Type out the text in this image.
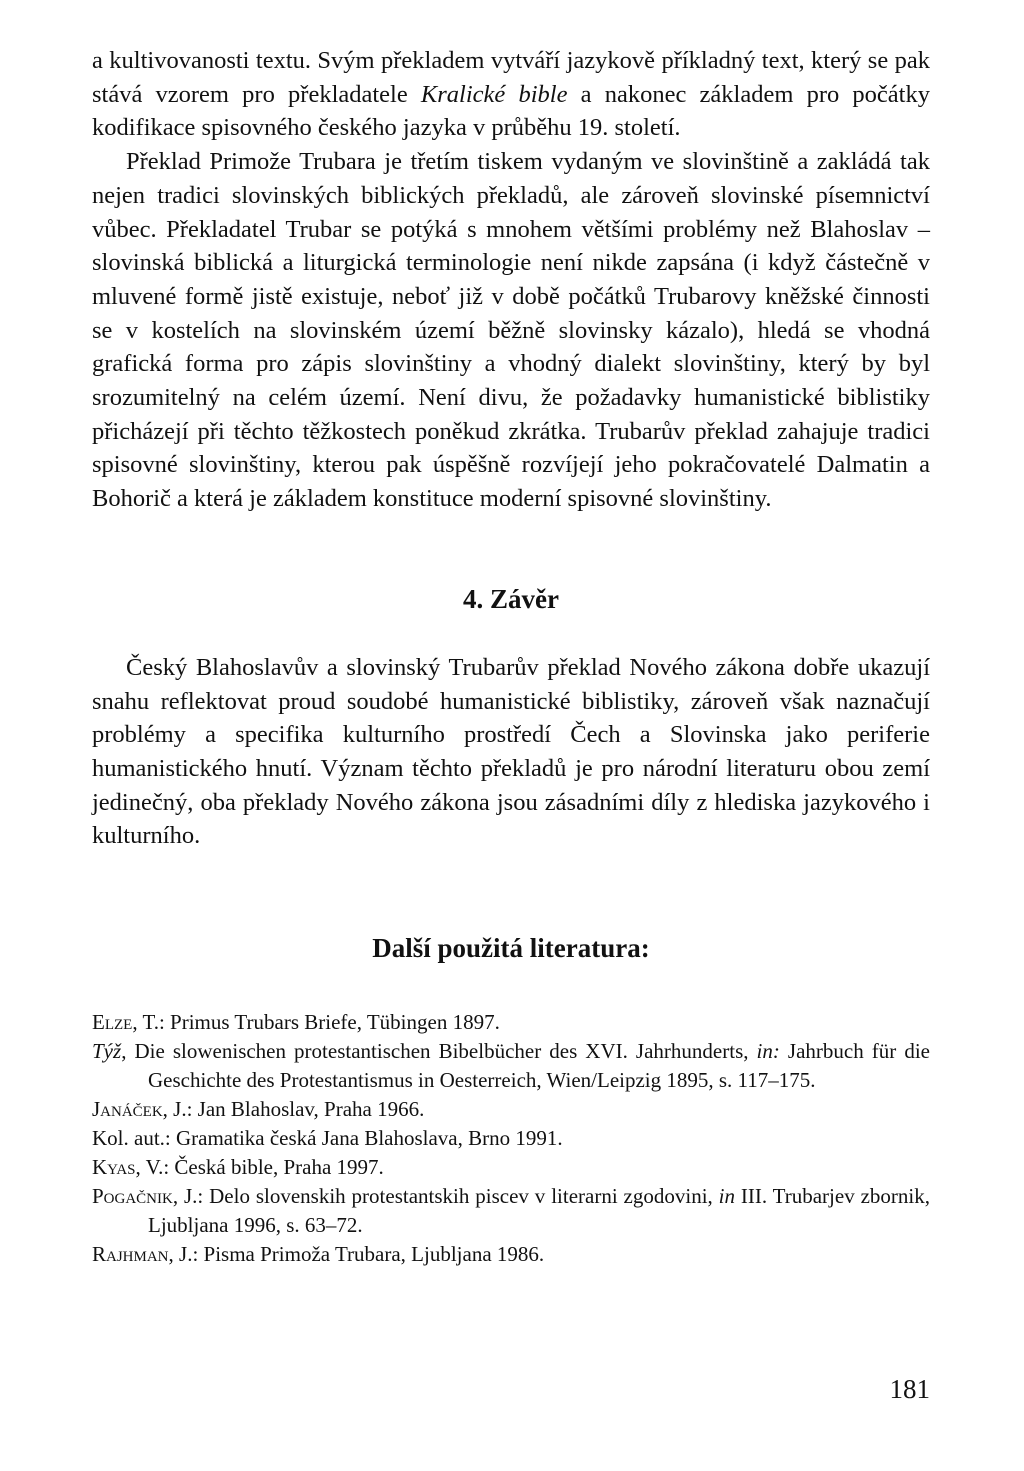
a kultivovanosti textu. Svým překladem vytváří jazykově příkladný text, který se pak stává vzorem pro překladatele Kralické bible a nakonec základem pro počátky kodifikace spisovného českého jazyka v průběhu 19. století.

Překlad Primože Trubara je třetím tiskem vydaným ve slovinštině a zakládá tak nejen tradici slovinských biblických překladů, ale zároveň slovinské písemnictví vůbec. Překladatel Trubar se potýká s mnohem většími problémy než Blahoslav – slovinská biblická a liturgická terminologie není nikde zapsána (i když částečně v mluvené formě jistě existuje, neboť již v době počátků Trubarovy kněžské činnosti se v kostelích na slovinském území běžně slovinsky kázalo), hledá se vhodná grafická forma pro zápis slovinštiny a vhodný dialekt slovinštiny, který by byl srozumitelný na celém území. Není divu, že požadavky humanistické biblistiky přicházejí při těchto těžkostech poněkud zkrátka. Trubarův překlad zahajuje tradici spisovné slovinštiny, kterou pak úspěšně rozvíjejí jeho pokračovatelé Dalmatin a Bohorič a která je základem konstituce moderní spisovné slovinštiny.

4. Závěr

Český Blahoslavův a slovinský Trubarův překlad Nového zákona dobře ukazují snahu reflektovat proud soudobé humanistické biblistiky, zároveň však naznačují problémy a specifika kulturního prostředí Čech a Slovinska jako periferie humanistického hnutí. Význam těchto překladů je pro národní literaturu obou zemí jedinečný, oba překlady Nového zákona jsou zásadními díly z hlediska jazykového i kulturního.

Další použitá literatura:

Elze, T.: Primus Trubars Briefe, Tübingen 1897.

Týž, Die slowenischen protestantischen Bibelbücher des XVI. Jahrhunderts, in: Jahrbuch für die Geschichte des Protestantismus in Oesterreich, Wien/Leipzig 1895, s. 117–175.

Janáček, J.: Jan Blahoslav, Praha 1966.

Kol. aut.: Gramatika česká Jana Blahoslava, Brno 1991.

Kyas, V.: Česká bible, Praha 1997.

Pogačnik, J.: Delo slovenskih protestantskih piscev v literarni zgodovini, in III. Trubarjev zbornik, Ljubljana 1996, s. 63–72.

Rajhman, J.: Pisma Primoža Trubara, Ljubljana 1986.

181
